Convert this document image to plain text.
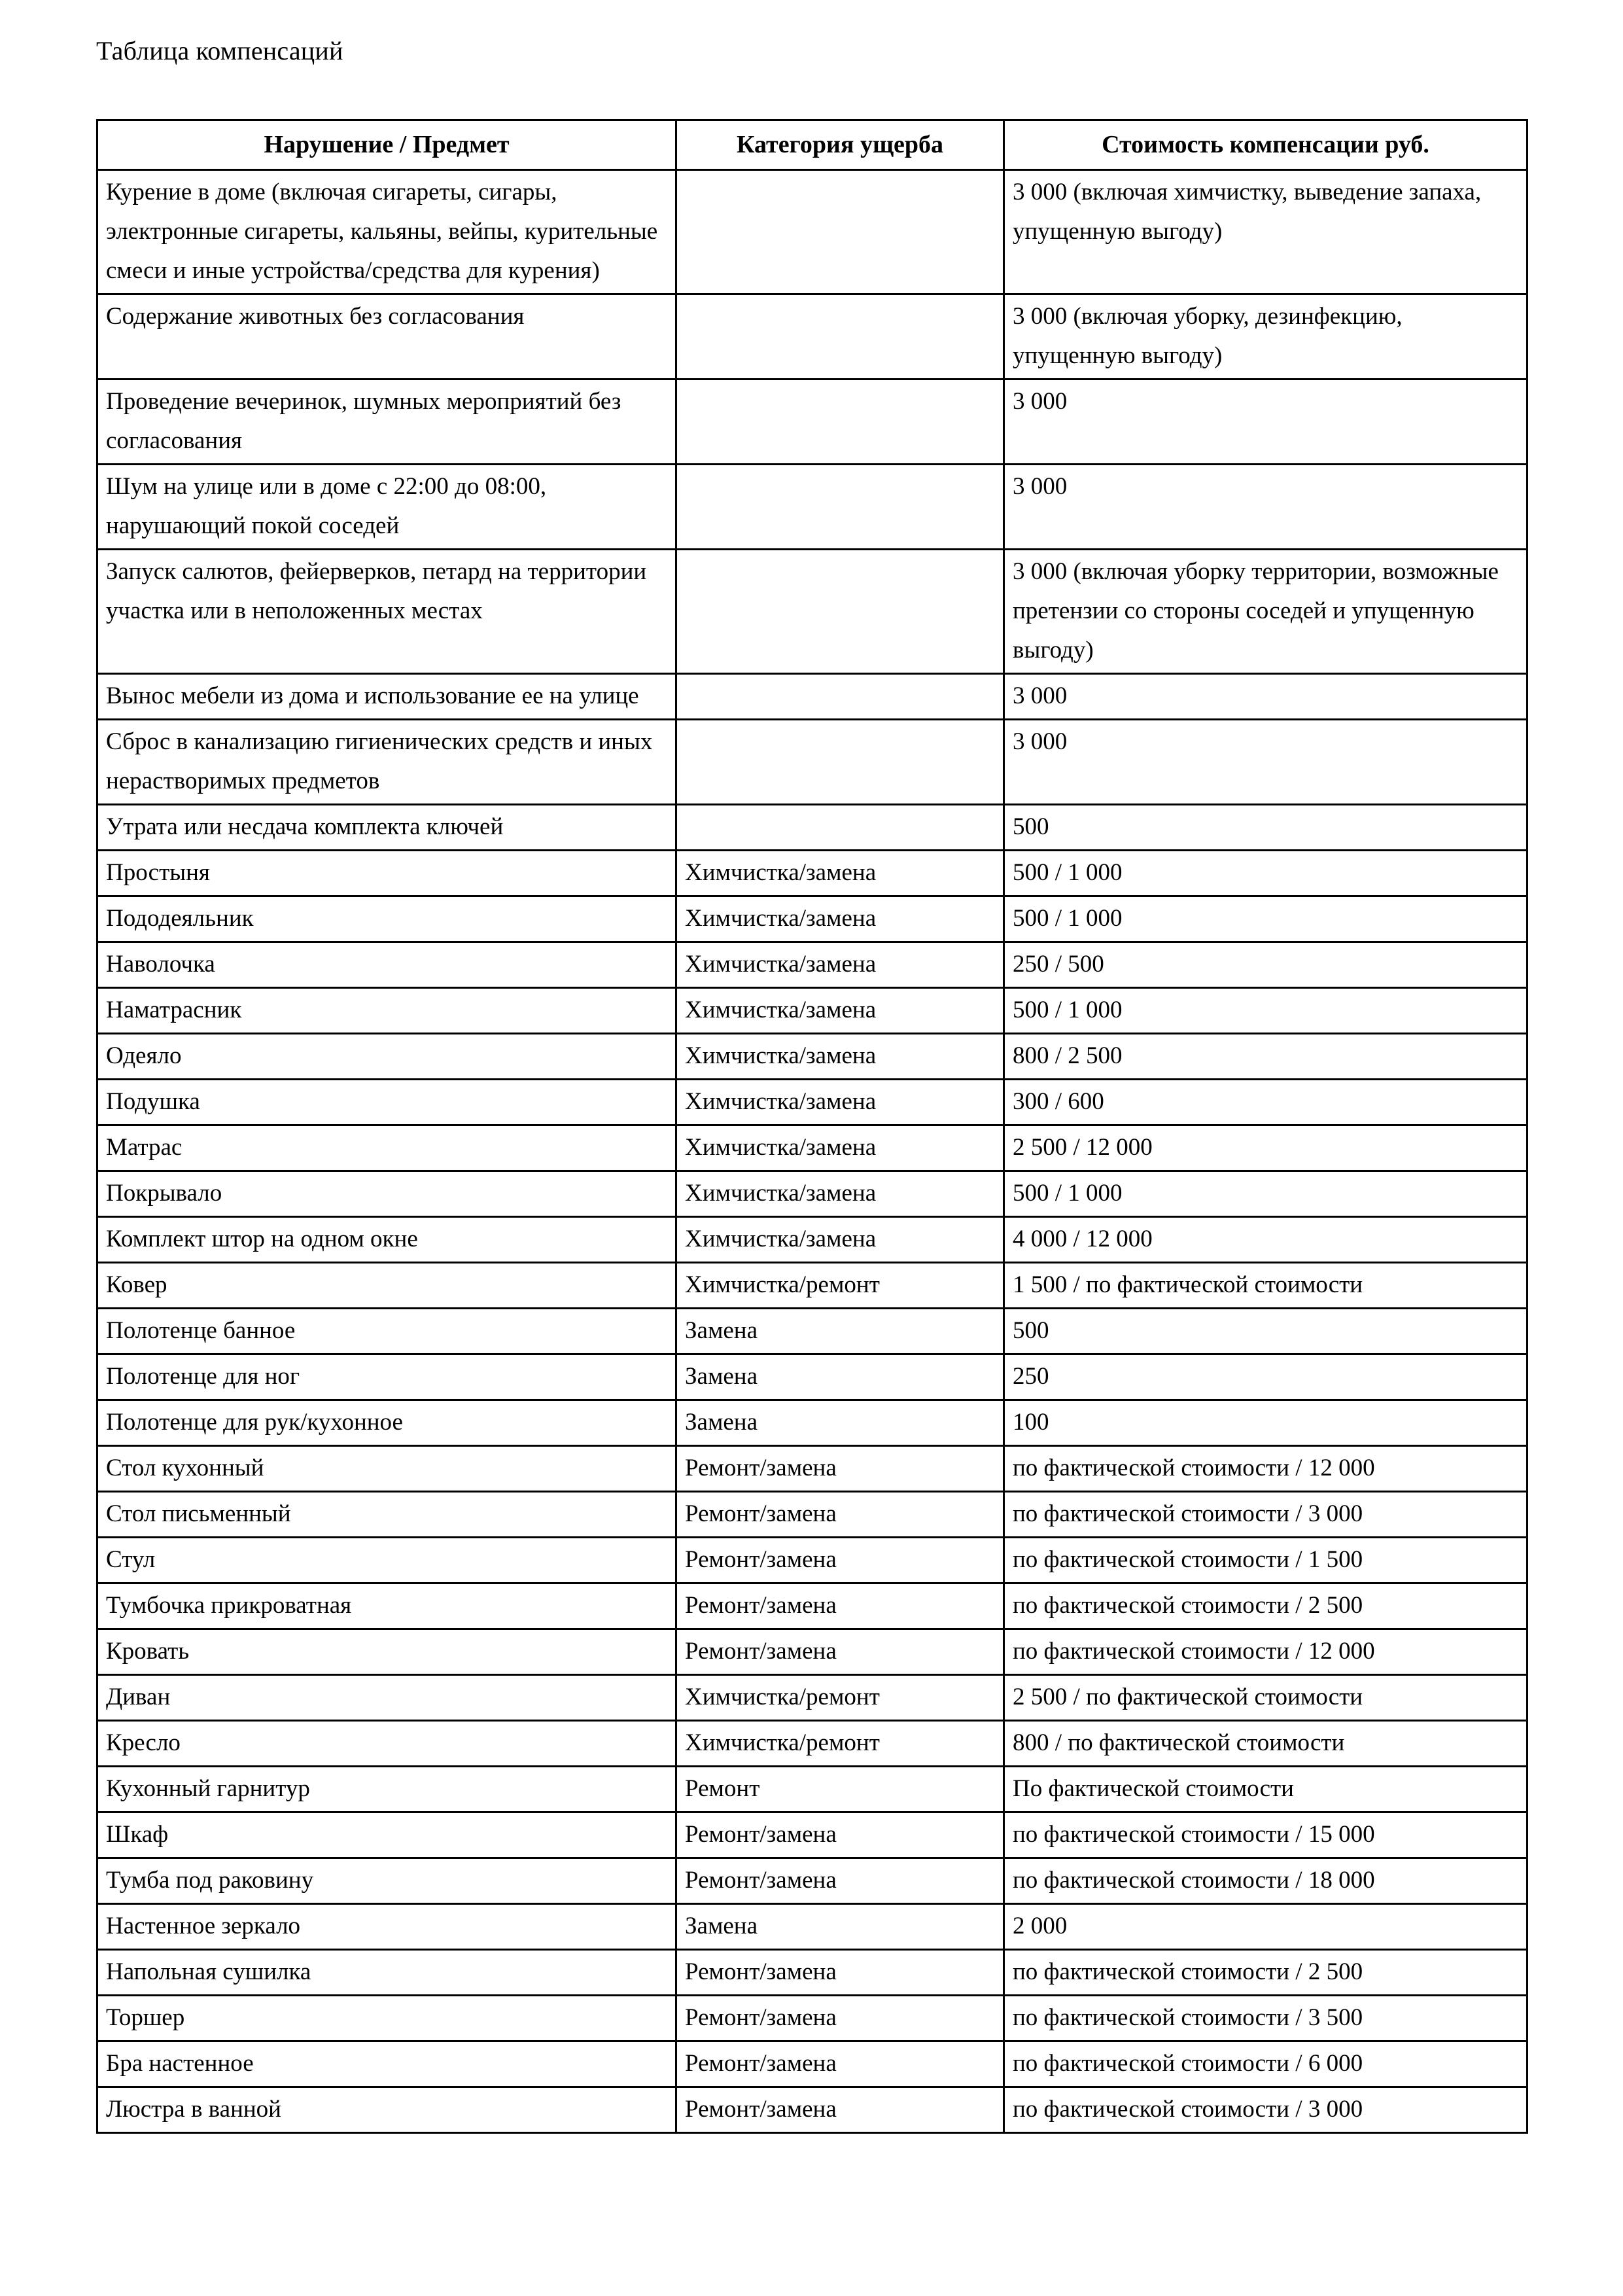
Таблица компенсаций
Нарушение / Предмет	Категория ущерба	Стоимость компенсации руб.
Курение в доме (включая сигареты, сигары, электронные сигареты, кальяны, вейпы, курительные смеси и иные устройства/средства для курения)		3 000 (включая химчистку, выведение запаха, упущенную выгоду)
Содержание животных без согласования		3 000 (включая уборку, дезинфекцию, упущенную выгоду)
Проведение вечеринок, шумных мероприятий без согласования		3 000
Шум на улице или в доме с 22:00 до 08:00, нарушающий покой соседей		3 000
Запуск салютов, фейерверков, петард на территории участка или в неположенных местах		3 000 (включая уборку территории, возможные претензии со стороны соседей и упущенную выгоду)
Вынос мебели из дома и использование ее на улице		3 000
Сброс в канализацию гигиенических средств и иных нерастворимых предметов		3 000
Утрата или несдача комплекта ключей		500
Простыня	Химчистка/замена	500 / 1 000
Пододеяльник	Химчистка/замена	500 / 1 000
Наволочка	Химчистка/замена	250 / 500
Наматрасник	Химчистка/замена	500 / 1 000
Одеяло	Химчистка/замена	800 / 2 500
Подушка	Химчистка/замена	300 / 600
Матрас	Химчистка/замена	2 500 / 12 000
Покрывало	Химчистка/замена	500 / 1 000
Комплект штор на одном окне	Химчистка/замена	4 000 / 12 000
Ковер	Химчистка/ремонт	1 500 / по фактической стоимости
Полотенце банное	Замена	500
Полотенце для ног	Замена	250
Полотенце для рук/кухонное	Замена	100
Стол кухонный	Ремонт/замена	по фактической стоимости / 12 000
Стол письменный	Ремонт/замена	по фактической стоимости / 3 000
Стул	Ремонт/замена	по фактической стоимости / 1 500
Тумбочка прикроватная	Ремонт/замена	по фактической стоимости / 2 500
Кровать	Ремонт/замена	по фактической стоимости / 12 000
Диван	Химчистка/ремонт	2 500 / по фактической стоимости
Кресло	Химчистка/ремонт	800 / по фактической стоимости
Кухонный гарнитур	Ремонт	По фактической стоимости
Шкаф	Ремонт/замена	по фактической стоимости / 15 000
Тумба под раковину	Ремонт/замена	по фактической стоимости / 18 000
Настенное зеркало	Замена	2 000
Напольная сушилка	Ремонт/замена	по фактической стоимости / 2 500
Торшер	Ремонт/замена	по фактической стоимости / 3 500
Бра настенное	Ремонт/замена	по фактической стоимости / 6 000
Люстра в ванной	Ремонт/замена	по фактической стоимости / 3 000
